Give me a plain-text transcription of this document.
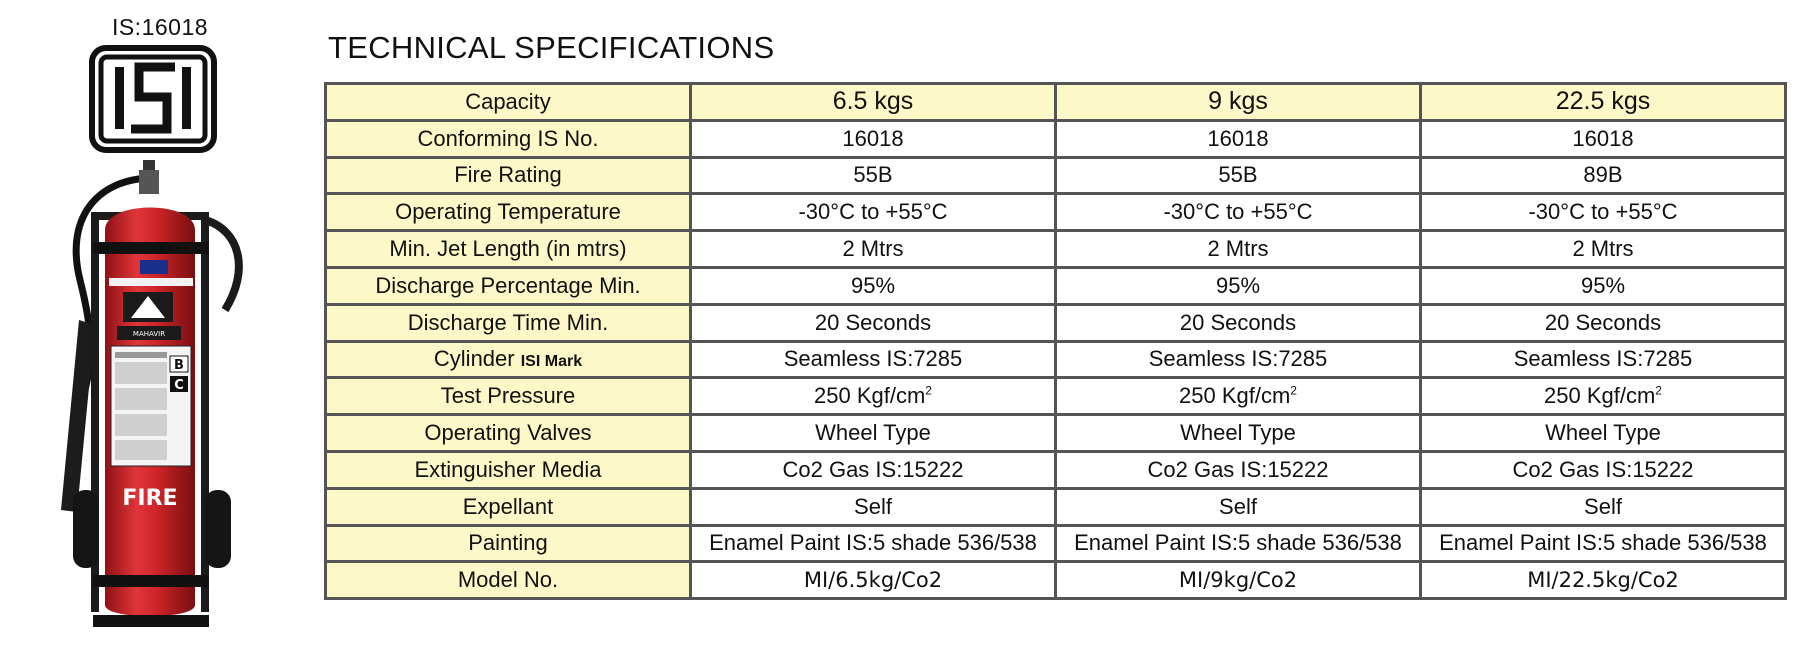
IS:16018
MAHAVIR
B
C
FIRE
TECHNICAL SPECIFICATIONS
Capacity	6.5 kgs	9 kgs	22.5 kgs
Conforming IS No.	16018	16018	16018
Fire Rating	55B	55B	89B
Operating Temperature	-30°C to +55°C	-30°C to +55°C	-30°C to +55°C
Min. Jet Length (in mtrs)	2 Mtrs	2 Mtrs	2 Mtrs
Discharge Percentage Min.	95%	95%	95%
Discharge Time Min.	20 Seconds	20 Seconds	20 Seconds
Cylinder ISI Mark	Seamless IS:7285	Seamless IS:7285	Seamless IS:7285
Test Pressure	250 Kgf/$cm^2$	250 Kgf/$cm^2$	250 Kgf/$cm^2$
Operating Valves	Wheel Type	Wheel Type	Wheel Type
Extinguisher Media	Co2 Gas IS:15222	Co2 Gas IS:15222	Co2 Gas IS:15222
Expellant	Self	Self	Self
Painting	Enamel Paint IS:5 shade 536/538	Enamel Paint IS:5 shade 536/538	Enamel Paint IS:5 shade 536/538
Model No.	MI/6.5kg/Co2	MI/9kg/Co2	MI/22.5kg/Co2
